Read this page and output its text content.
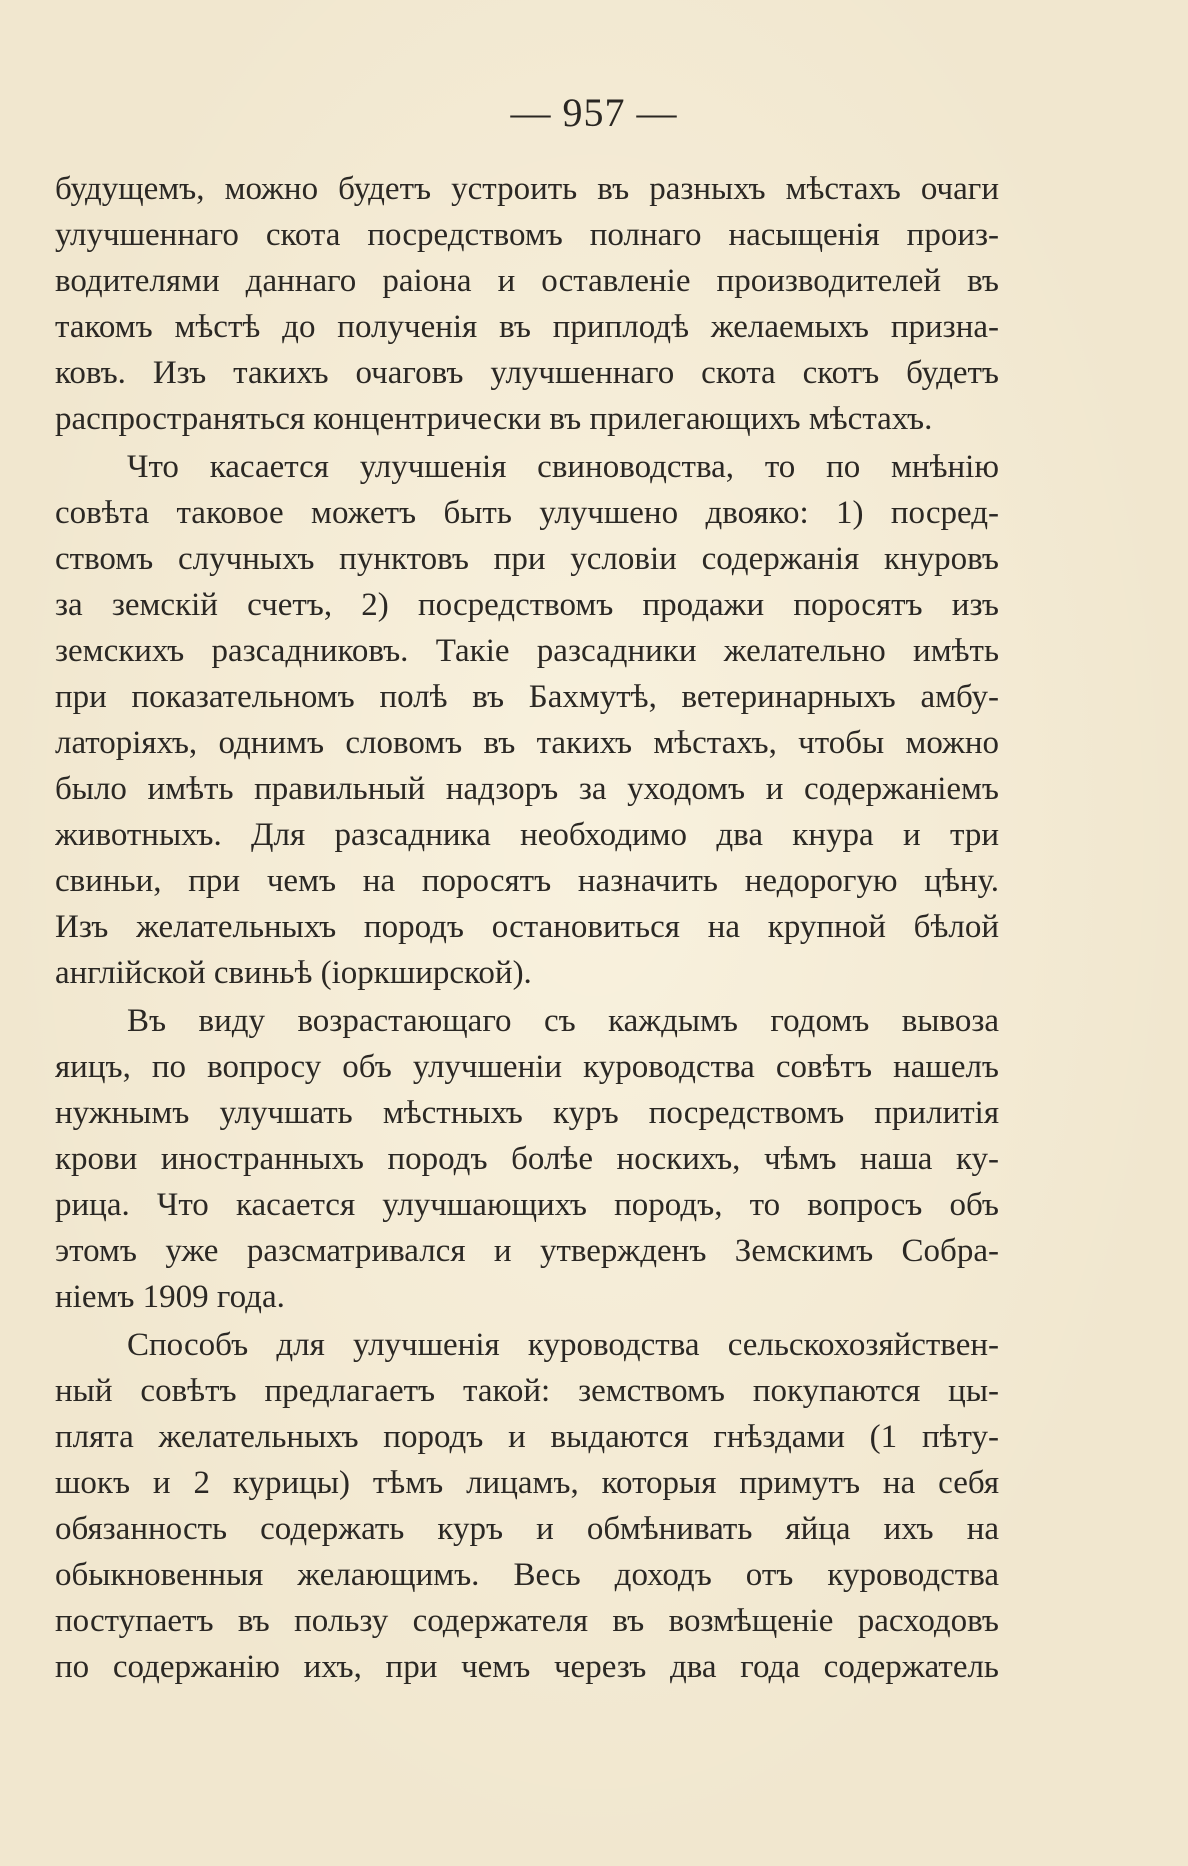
— 957 —
будущемъ, можно будетъ устроить въ разныхъ мѣстахъ очаги
улучшеннаго скота посредствомъ полнаго насыщенія произ-
водителями даннаго раіона и оставленіе производителей въ
такомъ мѣстѣ до полученія въ приплодѣ желаемыхъ призна-
ковъ. Изъ такихъ очаговъ улучшеннаго скота скотъ будетъ
распространяться концентрически въ прилегающихъ мѣстахъ.
Что касается улучшенія свиноводства, то по мнѣнію
совѣта таковое можетъ быть улучшено двояко: 1) посред-
ствомъ случныхъ пунктовъ при условіи содержанія кнуровъ
за земскій счетъ, 2) посредствомъ продажи поросятъ изъ
земскихъ разсадниковъ. Такіе разсадники желательно имѣть
при показательномъ полѣ въ Бахмутѣ, ветеринарныхъ амбу-
латоріяхъ, однимъ словомъ въ такихъ мѣстахъ, чтобы можно
было имѣть правильный надзоръ за уходомъ и содержаніемъ
животныхъ. Для разсадника необходимо два кнура и три
свиньи, при чемъ на поросятъ назначить недорогую цѣну.
Изъ желательныхъ породъ остановиться на крупной бѣлой
англійской свиньѣ (іоркширской).
Въ виду возрастающаго съ каждымъ годомъ вывоза
яицъ, по вопросу объ улучшеніи куроводства совѣтъ нашелъ
нужнымъ улучшать мѣстныхъ куръ посредствомъ прилитія
крови иностранныхъ породъ болѣе носкихъ, чѣмъ наша ку-
рица. Что касается улучшающихъ породъ, то вопросъ объ
этомъ уже разсматривался и утвержденъ Земскимъ Собра-
ніемъ 1909 года.
Способъ для улучшенія куроводства сельскохозяйствен-
ный совѣтъ предлагаетъ такой: земствомъ покупаются цы-
плята желательныхъ породъ и выдаются гнѣздами (1 пѣту-
шокъ и 2 курицы) тѣмъ лицамъ, которыя примутъ на себя
обязанность содержать куръ и обмѣнивать яйца ихъ на
обыкновенныя желающимъ. Весь доходъ отъ куроводства
поступаетъ въ пользу содержателя въ возмѣщеніе расходовъ
по содержанію ихъ, при чемъ черезъ два года содержатель
